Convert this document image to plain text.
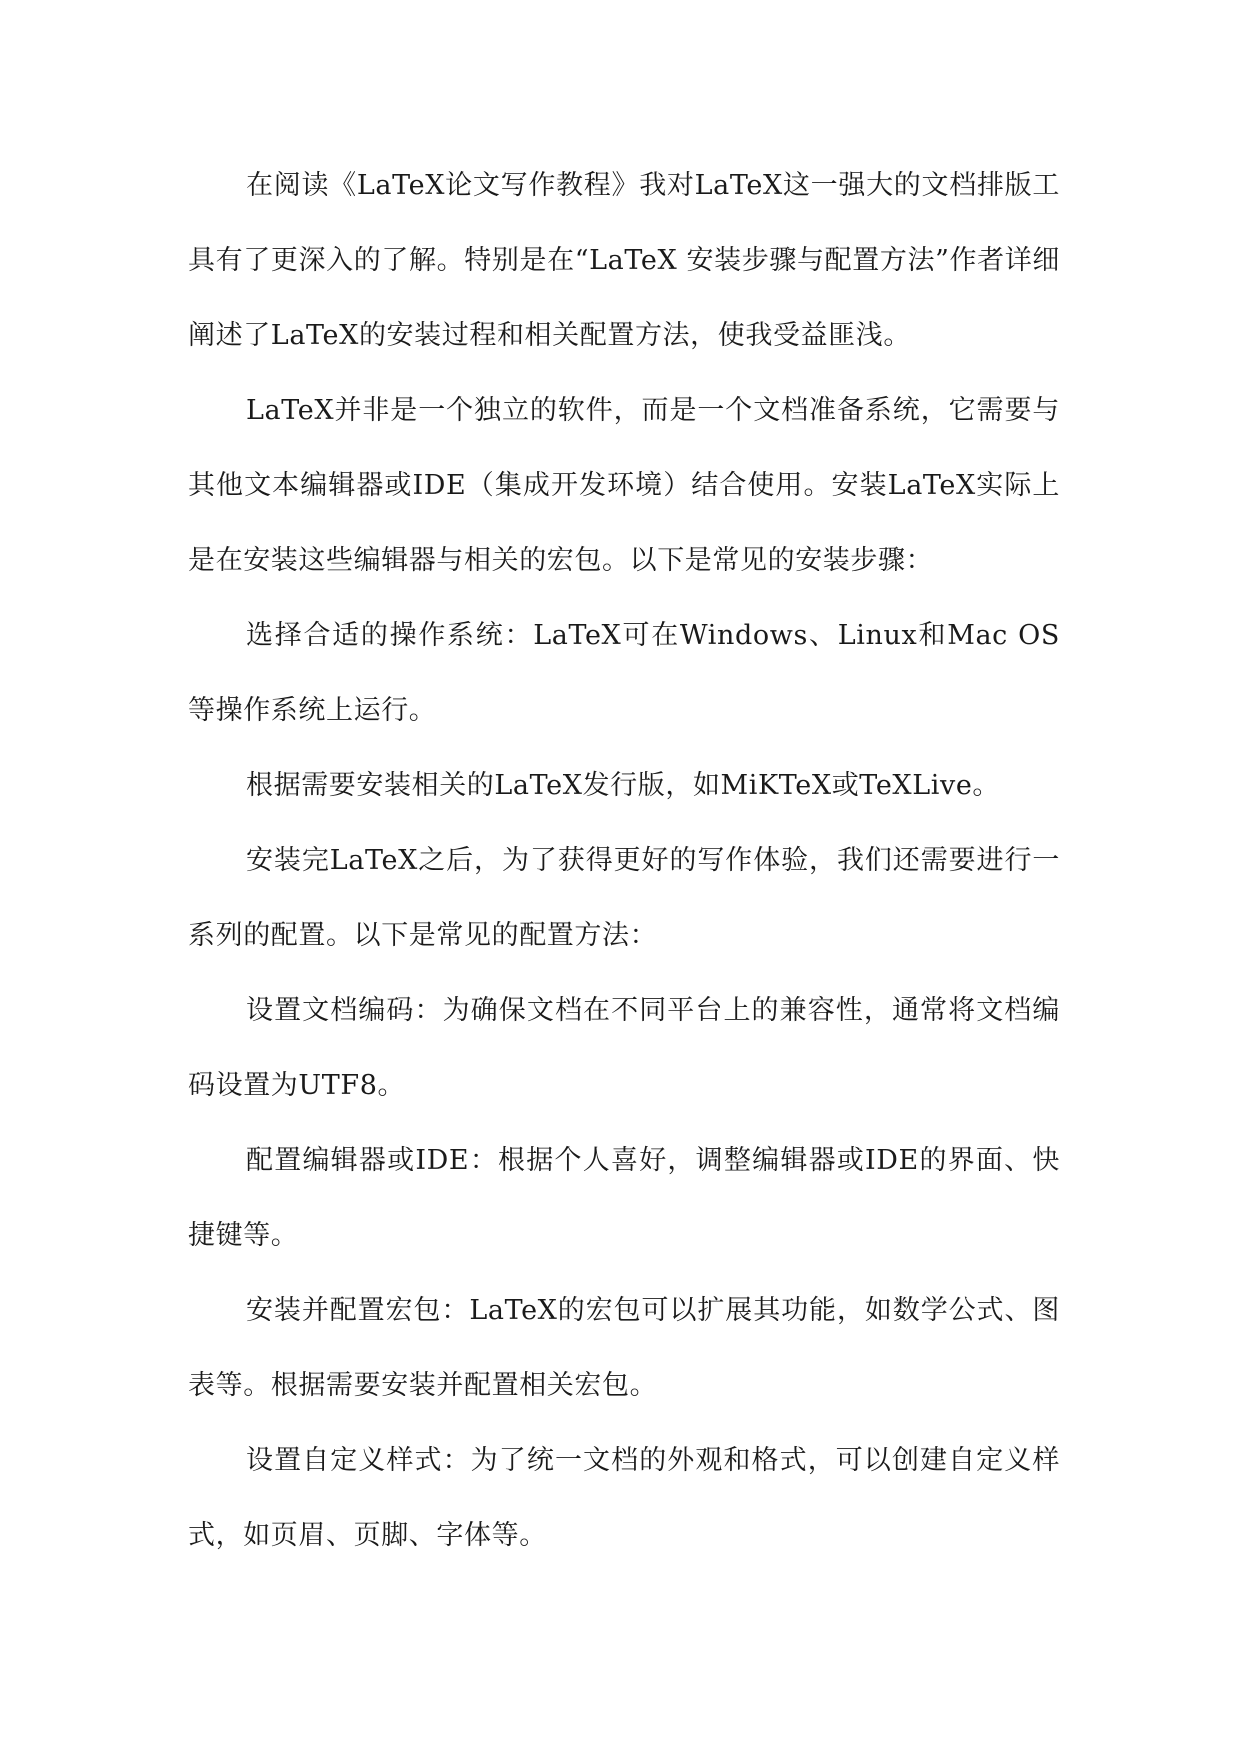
在阅读《LaTeX论文写作教程》我对LaTeX这一强大的文档排版工具有了更深入的了解。特别是在“LaTeX 安装步骤与配置方法”作者详细阐述了LaTeX的安装过程和相关配置方法，使我受益匪浅。

LaTeX并非是一个独立的软件，而是一个文档准备系统，它需要与其他文本编辑器或IDE（集成开发环境）结合使用。安装LaTeX实际上是在安装这些编辑器与相关的宏包。以下是常见的安装步骤：

选择合适的操作系统：LaTeX可在Windows、Linux和Mac OS等操作系统上运行。

根据需要安装相关的LaTeX发行版，如MiKTeX或TeXLive。

安装完LaTeX之后，为了获得更好的写作体验，我们还需要进行一系列的配置。以下是常见的配置方法：

设置文档编码：为确保文档在不同平台上的兼容性，通常将文档编码设置为UTF8。

配置编辑器或IDE：根据个人喜好，调整编辑器或IDE的界面、快捷键等。

安装并配置宏包：LaTeX的宏包可以扩展其功能，如数学公式、图表等。根据需要安装并配置相关宏包。

设置自定义样式：为了统一文档的外观和格式，可以创建自定义样式，如页眉、页脚、字体等。
